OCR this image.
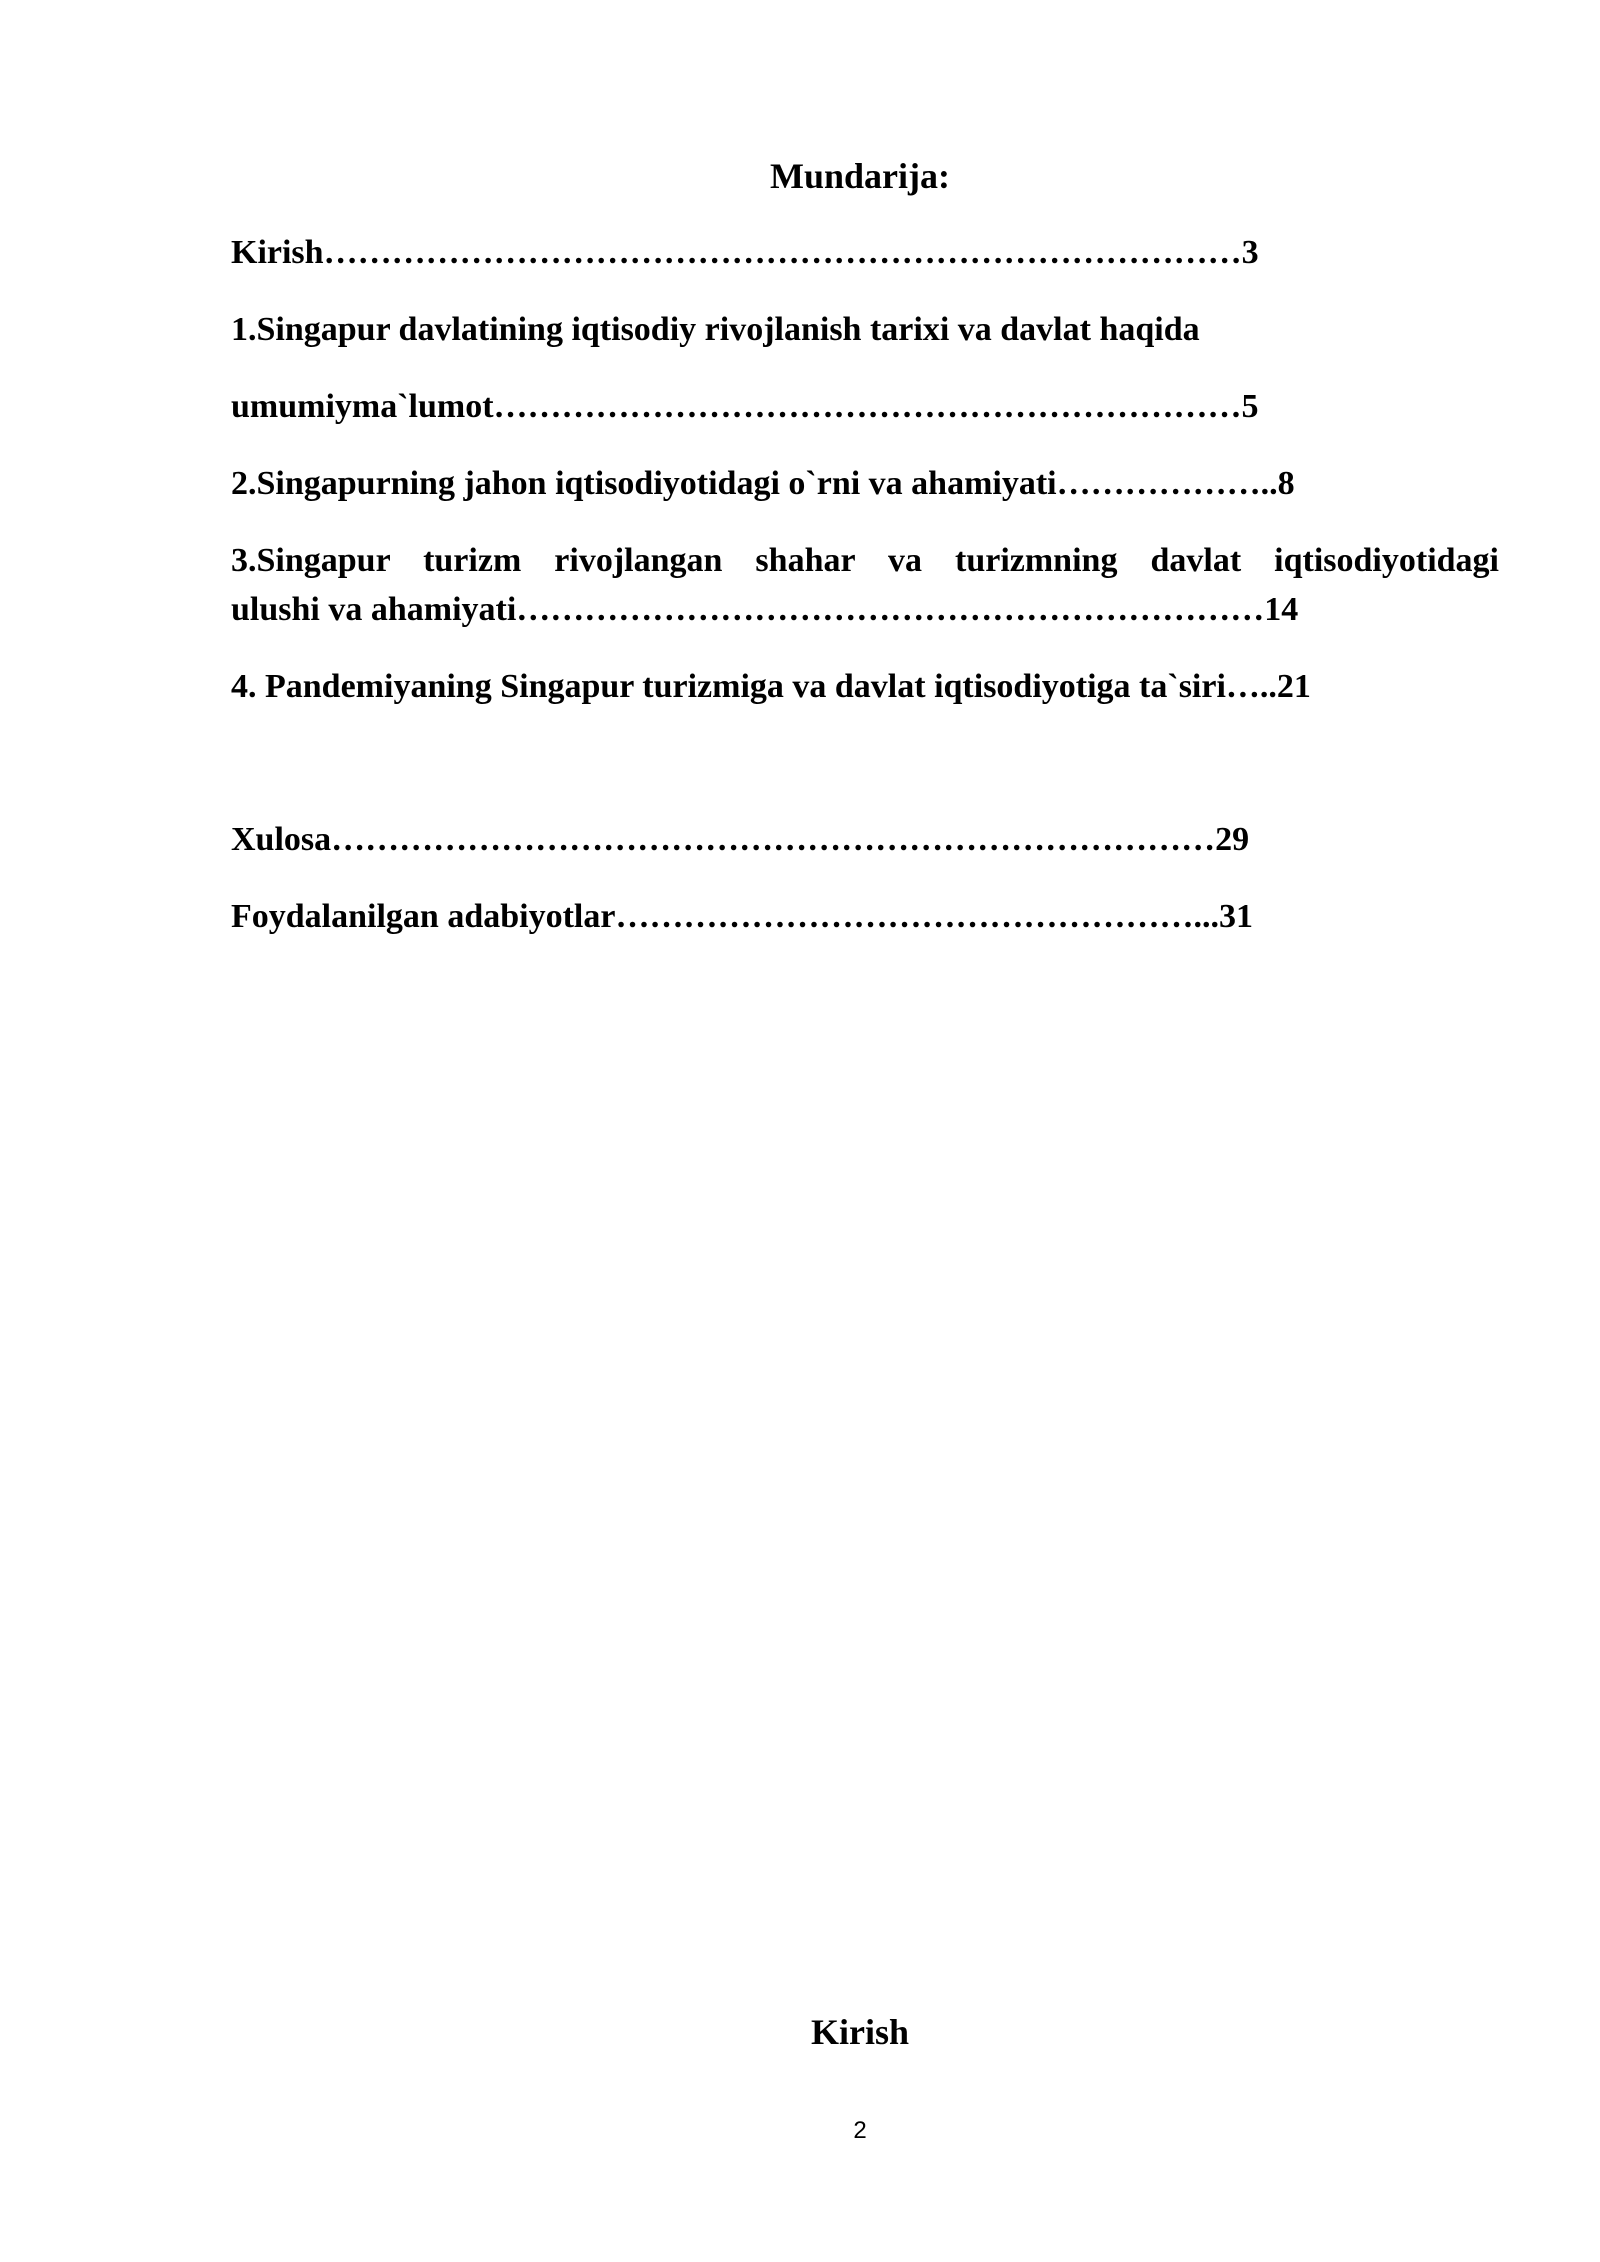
Mundarija:
Kirish………………………………………………………………………3
1.Singapur davlatining iqtisodiy rivojlanish tarixi va davlat haqida
umumiyma`lumot…………………………………………………………5
2.Singapurning jahon iqtisodiyotidagi o`rni va ahamiyati………………..8
3.Singapur turizm rivojlangan shahar va turizmning davlat iqtisodiyotidagi
ulushi va ahamiyati…………………………………………………………14
4. Pandemiyaning Singapur turizmiga va davlat iqtisodiyotiga ta`siri…..21
Xulosa……………………………………………………………………29
Foydalanilgan adabiyotlar……………………………………………...31
Kirish
2
